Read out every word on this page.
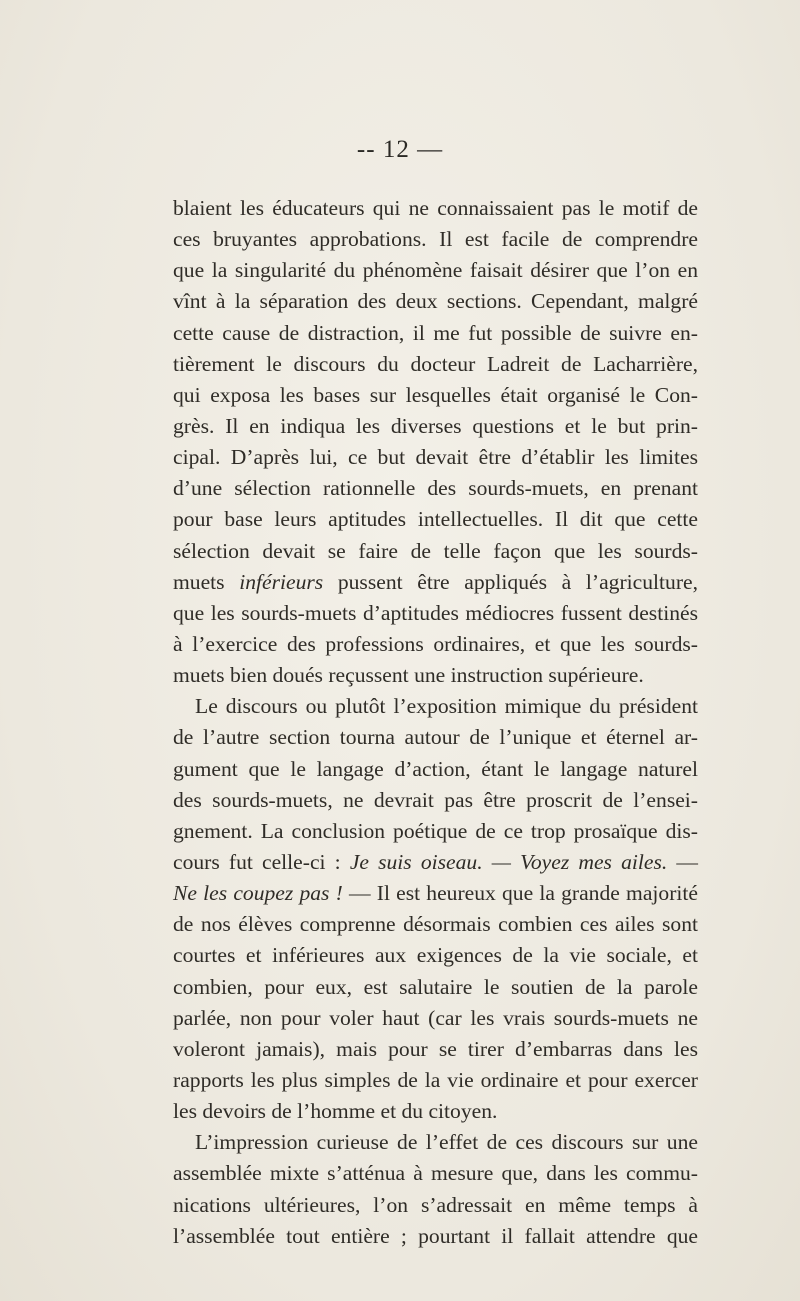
-- 12 —
blaient les éducateurs qui ne connaissaient pas le motif de
ces bruyantes approbations. Il est facile de comprendre
que la singularité du phénomène faisait désirer que l’on en
vînt à la séparation des deux sections. Cependant, malgré
cette cause de distraction, il me fut possible de suivre en-
tièrement le discours du docteur Ladreit de Lacharrière,
qui exposa les bases sur lesquelles était organisé le Con-
grès. Il en indiqua les diverses questions et le but prin-
cipal. D’après lui, ce but devait être d’établir les limites
d’une sélection rationnelle des sourds-muets, en prenant
pour base leurs aptitudes intellectuelles. Il dit que cette
sélection devait se faire de telle façon que les sourds-
muets inférieurs pussent être appliqués à l’agriculture,
que les sourds-muets d’aptitudes médiocres fussent destinés
à l’exercice des professions ordinaires, et que les sourds-
muets bien doués reçussent une instruction supérieure.
Le discours ou plutôt l’exposition mimique du président
de l’autre section tourna autour de l’unique et éternel ar-
gument que le langage d’action, étant le langage naturel
des sourds-muets, ne devrait pas être proscrit de l’ensei-
gnement. La conclusion poétique de ce trop prosaïque dis-
cours fut celle-ci : Je suis oiseau. — Voyez mes ailes. —
Ne les coupez pas ! — Il est heureux que la grande majorité
de nos élèves comprenne désormais combien ces ailes sont
courtes et inférieures aux exigences de la vie sociale, et
combien, pour eux, est salutaire le soutien de la parole
parlée, non pour voler haut (car les vrais sourds-muets ne
voleront jamais), mais pour se tirer d’embarras dans les
rapports les plus simples de la vie ordinaire et pour exercer
les devoirs de l’homme et du citoyen.
L’impression curieuse de l’effet de ces discours sur une
assemblée mixte s’atténua à mesure que, dans les commu-
nications ultérieures, l’on s’adressait en même temps à
l’assemblée tout entière ; pourtant il fallait attendre que
